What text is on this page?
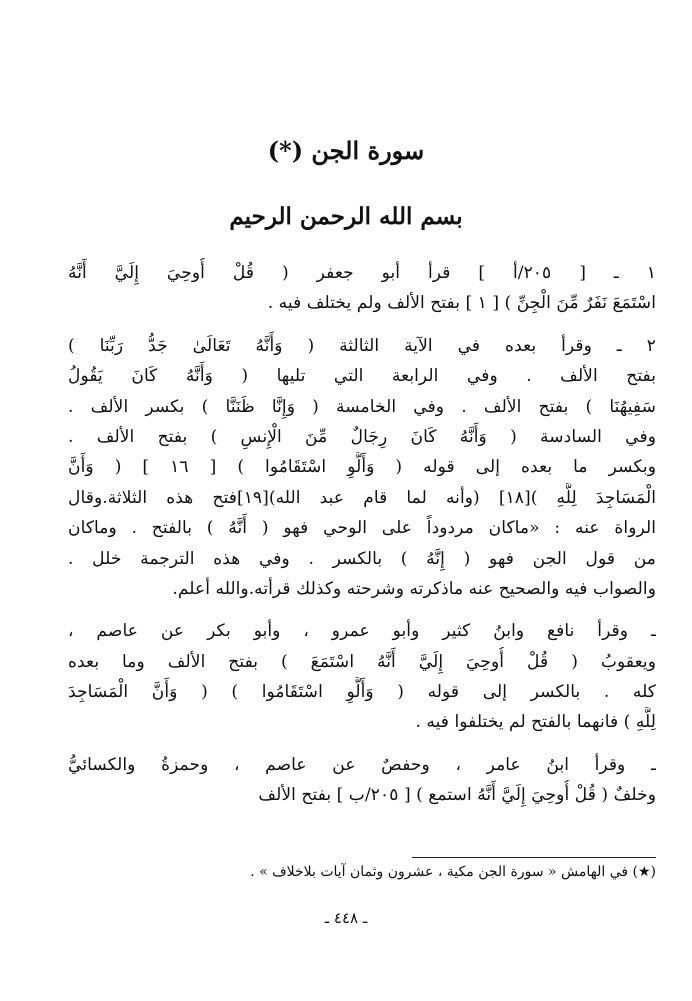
سورة الجن (*)
بسم الله الرحمن الرحيم
١ ـ [ ٢٠٥/أ ] قرأ أبو جعفر ( قُلْ أُوحِيَ إِلَيَّ أَنَّهُ
اسْتَمَعَ نَفَرٌ مِّنَ الْجِنِّ ) [ ١ ] بفتح الألف ولم يختلف فيه .
٢ ـ وقرأ بعده في الآية الثالثة ( وَأَنَّهُ تَعَالَىٰ جَدُّ رَبِّنَا )
بفتح الألف . وفي الرابعة التي تليها ( وَأَنَّهُ كَانَ يَقُولُ
سَفِيهُنَا ) بفتح الألف . وفي الخامسة ( وَإِنَّا ظَنَنَّا ) بكسر الألف .
وفي السادسة ( وَأَنَّهُ كَانَ رِجَالٌ مِّنَ الْإِنسِ ) بفتح الألف .
وبكسر ما بعده إلى قوله ( وَأَلَّوِ اسْتَقَامُوا ) [ ١٦ ] ( وَأَنَّ
الْمَسَاجِدَ لِلَّهِ )[١٨] (وأنه لما قام عبد الله)[١٩]فتح هذه الثلاثة.وقال
الرواة عنه : «ماكان مردوداً على الوحي فهو ( أَنَّهُ ) بالفتح . وماكان
من قول الجن فهو ( إِنَّهُ ) بالكسر . وفي هذه الترجمة خلل .
والصواب فيه والصحيح عنه ماذكرته وشرحته وكذلك قرأته.والله أعلم.
ـ وقرأ نافع وابنُ كثير وأبو عمرو ، وأبو بكر عن عاصم ،
ويعقوبُ ( قُلْ أُوحِيَ إِلَيَّ أَنَّهُ اسْتَمَعَ ) بفتح الألف وما بعده
كله . بالكسر إلى قوله ( وَأَلَّوِ اسْتَقَامُوا ) ( وَأَنَّ الْمَسَاجِدَ
لِلَّهِ ) فانهما بالفتح لم يختلفوا فيه .
ـ وقرأ ابنُ عامر ، وحفصٌ عن عاصم ، وحمزةُ والكسائيُّ
وخلفٌ ( قُلْ أُوحِيَ إِلَيَّ أَنَّهُ استمع ) [ ٢٠٥/ب ] بفتح الألف
(★) في الهامش « سورة الجن مكية ، عشرون وثمان آيات بلاخلاف » .
ـ ٤٤٨ ـ
